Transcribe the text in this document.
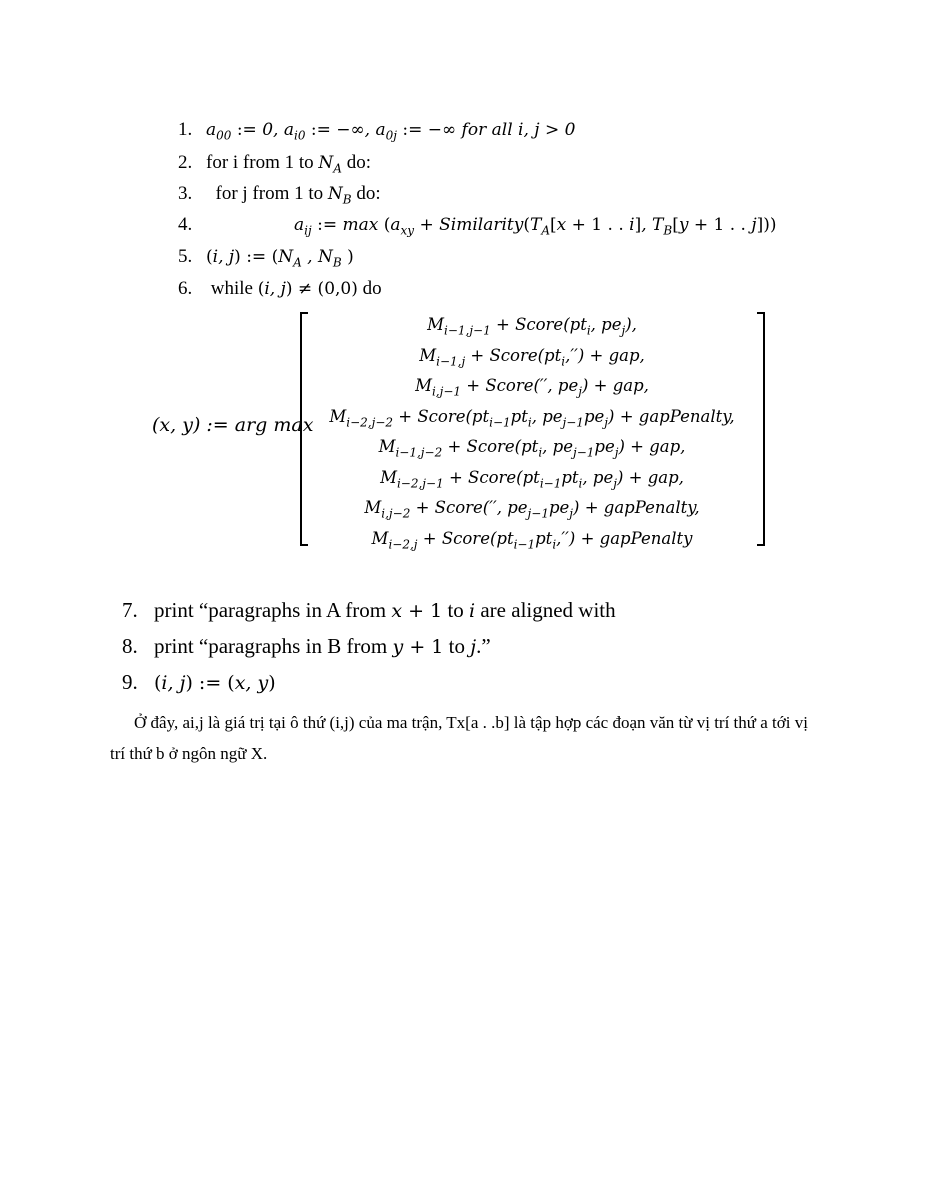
1. $a_{00}$ := 0, $a_{i0}$ := −∞, $a_{0j}$ := −∞ for all i, j > 0
2. for i from 1 to $N_A$ do:
3.  for j from 1 to $N_B$ do:
4.	$a_{ij}$ := $\max (a_{xy}$ + $Similarity(T_A[x + 1$ . . i], $T_B[y + 1$ . . j]))
5. (i, j) := ($N_A$ , $N_B$ )
6. while (i, j) ≠ (0,0) do
(x, y) := arg max
$M_{i-1,j-1}$ + $Score(pt_i$, $pe_j$),
$M_{i-1,j}$ + $Score(pt_i,'')$ + gap,
$M_{i,j-1}$ + Score(′′, $pe_j$) + gap,
$M_{i-2,j-2}$ + $Score(pt_{i-1}pt_i$, $pe_{j-1}pe_j$) + gapPenalty,
$M_{i-1,j-2}$ + $Score(pt_i$, $pe_{j-1}pe_j$) + gap,
$M_{i-2,j-1}$ + $Score(pt_{i-1}pt_i$, $pe_j$) + gap,
$M_{i,j-2}$ + Score(′′, $pe_{j-1}pe_j$) + gapPenalty,
$M_{i-2,j}$ + $Score(pt_{i-1}pt_i,'')$ + gapPenalty
7. print “paragraphs in A from x + 1 to i are aligned with
8. print “paragraphs in B from y + 1 to j.”
9. (i, j) := (x, y)
Ở đây, ai,j là giá trị tại ô thứ (i,j) của ma trận, Tx[a . .b] là tập hợp các đoạn văn từ vị trí thứ a tới vị trí thứ b ở ngôn ngữ X.
